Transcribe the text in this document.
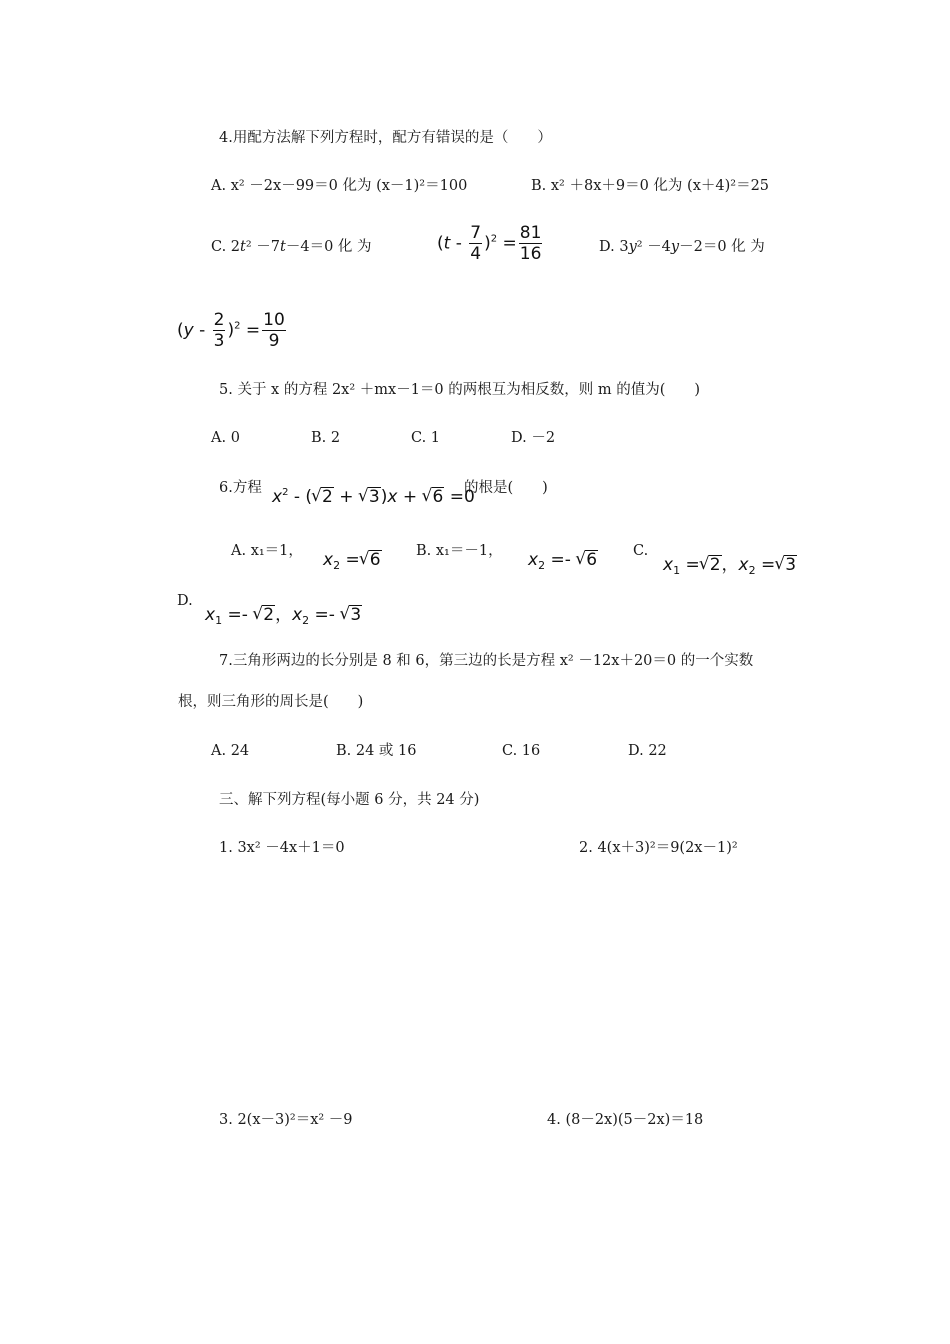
4.用配方法解下列方程时，配方有错误的是（　　）
A. x² －2x－99＝0 化为 (x－1)²＝100	B. x² ＋8x＋9＝0 化为 (x＋4)²＝25
C. 2t² －7t－4＝0 化 为	$(t - \frac{7}{4} )^2 = \frac{81}{16}$	D. 3y² －4y－2＝0 化 为
$(y - \frac{2}{3} )^2 = \frac{10}{9}$
5. 关于 x 的方程 2x² ＋mx－1＝0 的两根互为相反数，则 m 的值为(　　)
A. 0	B. 2	C. 1	D. －2
6.方程 $x^2$ - ( √ 2 + √ 3)x + √ 6 =0
的根是(　　)
A. x₁＝1， $x_2$ = √ 6 B. x₁＝－1， $x_2$ =- √ 6 C.
$x_1$ = √ 2，$x_2$ = √ 3
D.
$x_1$ =- √ 2，$x_2$ =- √ 3
7.三角形两边的长分别是 8 和 6，第三边的长是方程 x² －12x＋20＝0 的一个实数
根，则三角形的周长是(　　)
A. 24	B. 24 或 16	C. 16	D. 22
三、解下列方程(每小题 6 分，共 24 分)
1. 3x² －4x＋1＝0	2. 4(x＋3)²＝9(2x－1)²
3. 2(x－3)²＝x² －9	4. (8－2x)(5－2x)＝18
